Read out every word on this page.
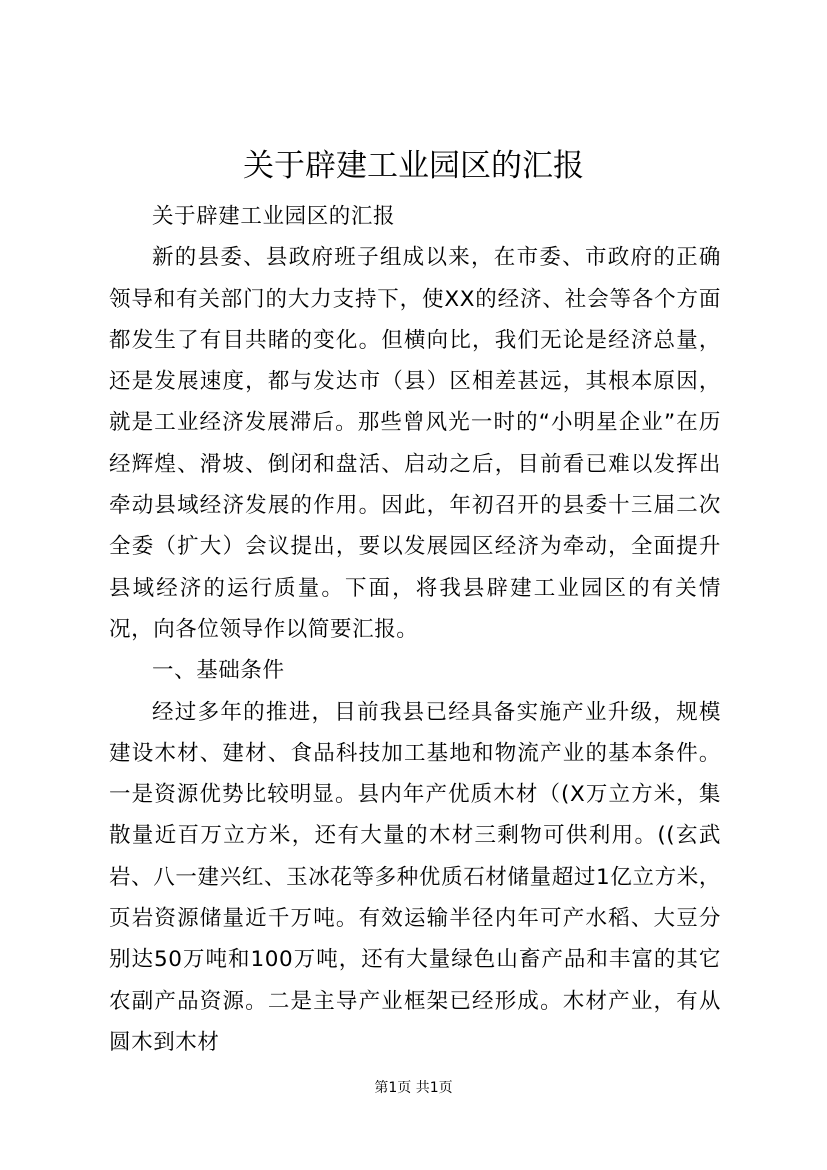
关于辟建工业园区的汇报

关于辟建工业园区的汇报

新的县委、县政府班子组成以来，在市委、市政府的正确领导和有关部门的大力支持下，使XX的经济、社会等各个方面都发生了有目共睹的变化。但横向比，我们无论是经济总量，还是发展速度，都与发达市（县）区相差甚远，其根本原因，就是工业经济发展滞后。那些曾风光一时的“小明星企业”在历经辉煌、滑坡、倒闭和盘活、启动之后，目前看已难以发挥出牵动县域经济发展的作用。因此，年初召开的县委十三届二次全委（扩大）会议提出，要以发展园区经济为牵动，全面提升县域经济的运行质量。下面，将我县辟建工业园区的有关情况，向各位领导作以简要汇报。

一、基础条件

经过多年的推进，目前我县已经具备实施产业升级，规模建设木材、建材、食品科技加工基地和物流产业的基本条件。一是资源优势比较明显。县内年产优质木材（(X万立方米，集散量近百万立方米，还有大量的木材三剩物可供利用。((玄武岩、八一建兴红、玉冰花等多种优质石材储量超过1亿立方米，页岩资源储量近千万吨。有效运输半径内年可产水稻、大豆分别达50万吨和100万吨，还有大量绿色山畜产品和丰富的其它农副产品资源。二是主导产业框架已经形成。木材产业，有从圆木到木材

第1页 共1页
